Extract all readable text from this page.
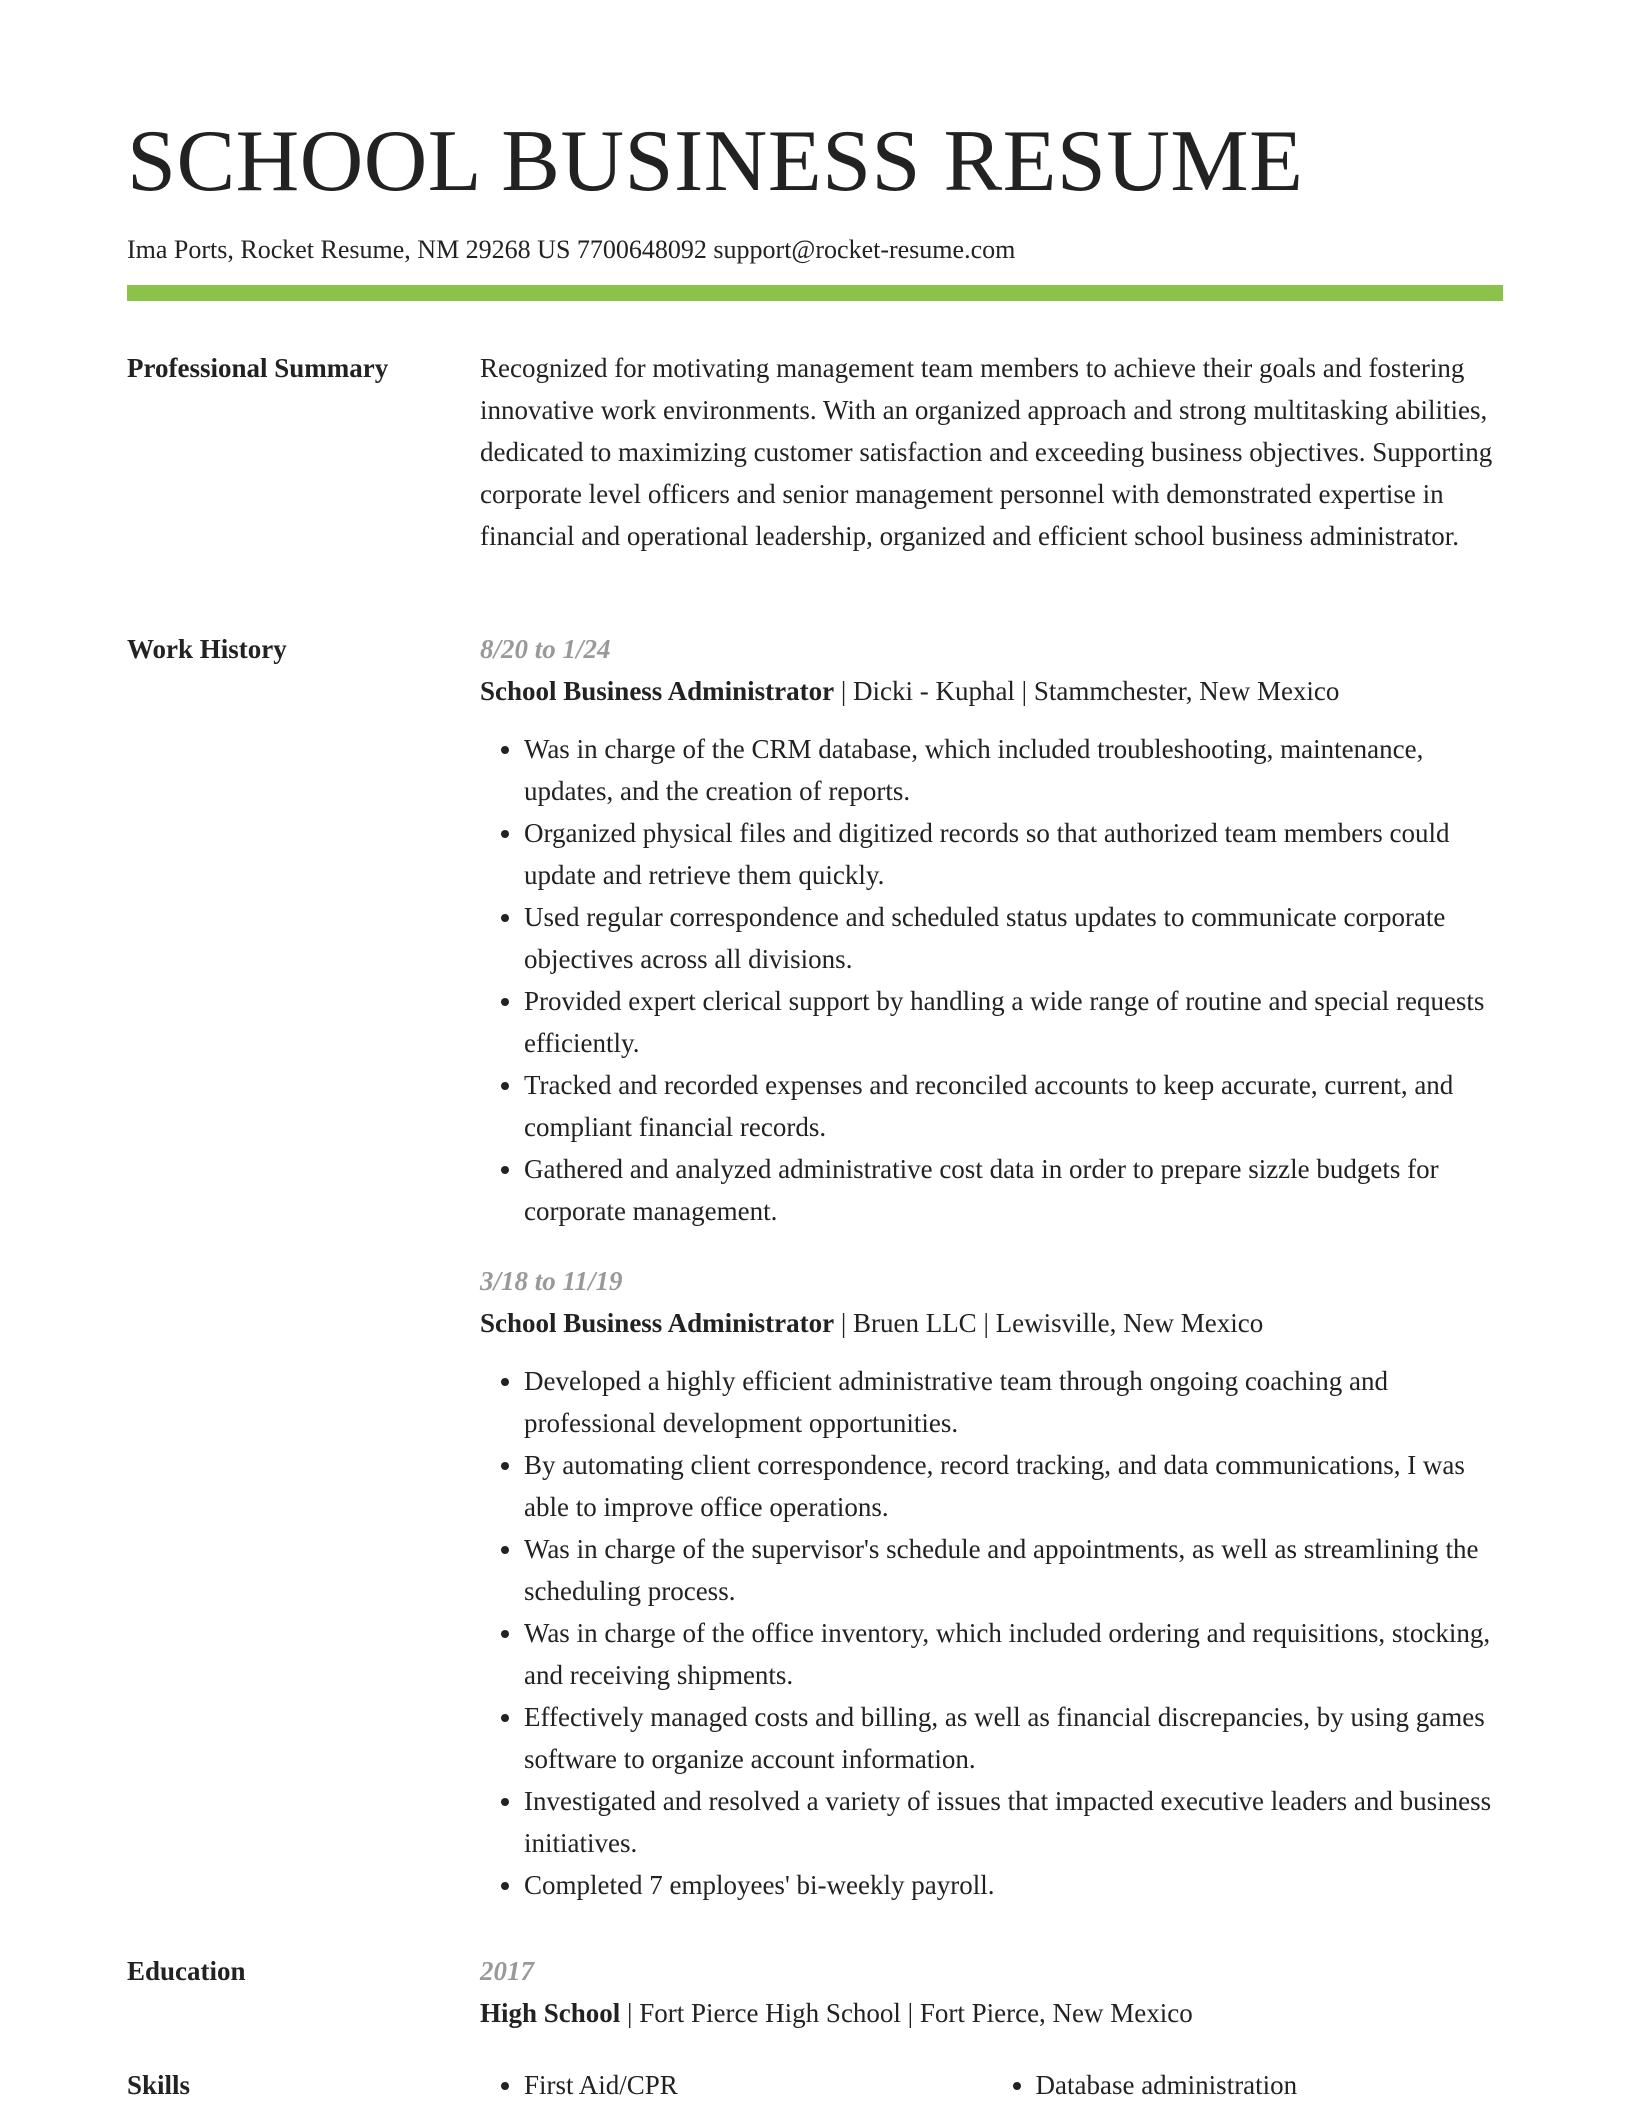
SCHOOL BUSINESS RESUME
Ima Ports, Rocket Resume, NM 29268 US 7700648092 support@rocket-resume.com
Professional Summary	Recognized for motivating management team members to achieve their goals and fostering innovative work environments. With an organized approach and strong multitasking abilities, dedicated to maximizing customer satisfaction and exceeding business objectives. Supporting corporate level officers and senior management personnel with demonstrated expertise in financial and operational leadership, organized and efficient school business administrator.

Work History	8/20 to 1/24
School Business Administrator | Dicki - Kuphal | Stammchester, New Mexico
• Was in charge of the CRM database, which included troubleshooting, maintenance, updates, and the creation of reports.
• Organized physical files and digitized records so that authorized team members could update and retrieve them quickly.
• Used regular correspondence and scheduled status updates to communicate corporate objectives across all divisions.
• Provided expert clerical support by handling a wide range of routine and special requests efficiently.
• Tracked and recorded expenses and reconciled accounts to keep accurate, current, and compliant financial records.
• Gathered and analyzed administrative cost data in order to prepare sizzle budgets for corporate management.
3/18 to 11/19
School Business Administrator | Bruen LLC | Lewisville, New Mexico
• Developed a highly efficient administrative team through ongoing coaching and professional development opportunities.
• By automating client correspondence, record tracking, and data communications, I was able to improve office operations.
• Was in charge of the supervisor's schedule and appointments, as well as streamlining the scheduling process.
• Was in charge of the office inventory, which included ordering and requisitions, stocking, and receiving shipments.
• Effectively managed costs and billing, as well as financial discrepancies, by using games software to organize account information.
• Investigated and resolved a variety of issues that impacted executive leaders and business initiatives.
• Completed 7 employees' bi-weekly payroll.
Education	2017
High School | Fort Pierce High School | Fort Pierce, New Mexico
Skills	• First Aid/CPR	• Database administration
